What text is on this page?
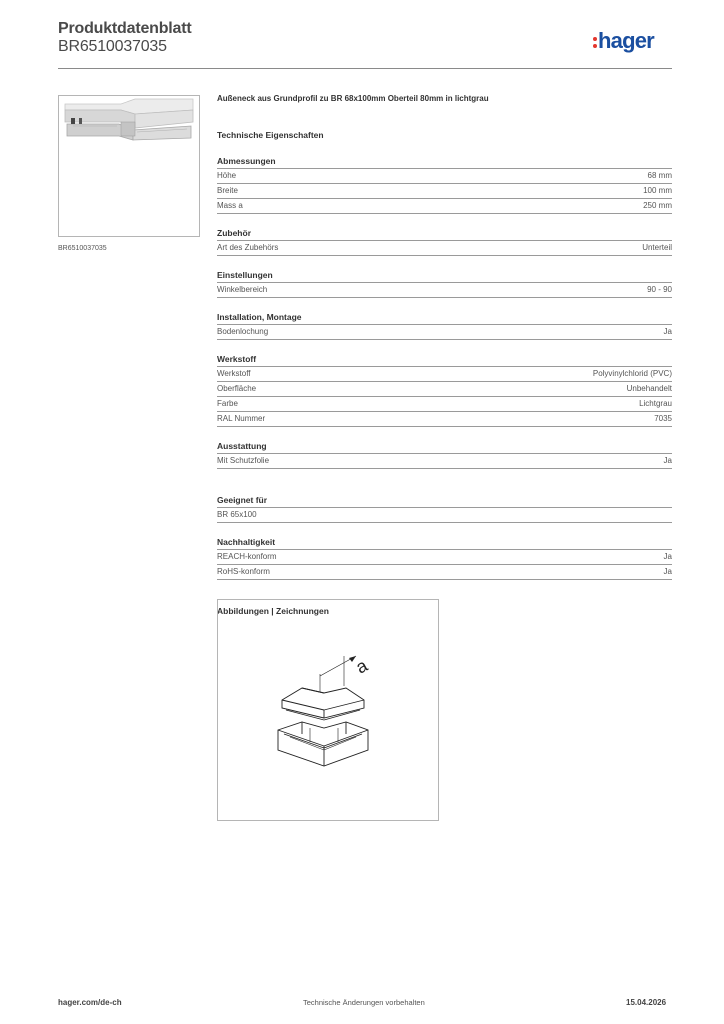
Produktdatenblatt
BR6510037035	hager
BR6510037035
Außeneck aus Grundprofil zu BR 68x100mm Oberteil 80mm in lichtgrau
Technische Eigenschaften
Abmessungen
Höhe	68 mm
Breite	100 mm
Mass a	250 mm
Zubehör
Art des Zubehörs	Unterteil
Einstellungen
Winkelbereich	90 - 90
Installation, Montage
Bodenlochung	Ja
Werkstoff
Werkstoff	Polyvinylchlorid (PVC)
Oberfläche	Unbehandelt
Farbe	Lichtgrau
RAL Nummer	7035
Ausstattung
Mit Schutzfolie	Ja
Geeignet für
BR 65x100
Nachhaltigkeit
REACH-konform	Ja
RoHS-konform	Ja
Abbildungen | Zeichnungen
a
hager.com/de-ch	Technische Änderungen vorbehalten	15.04.2026
